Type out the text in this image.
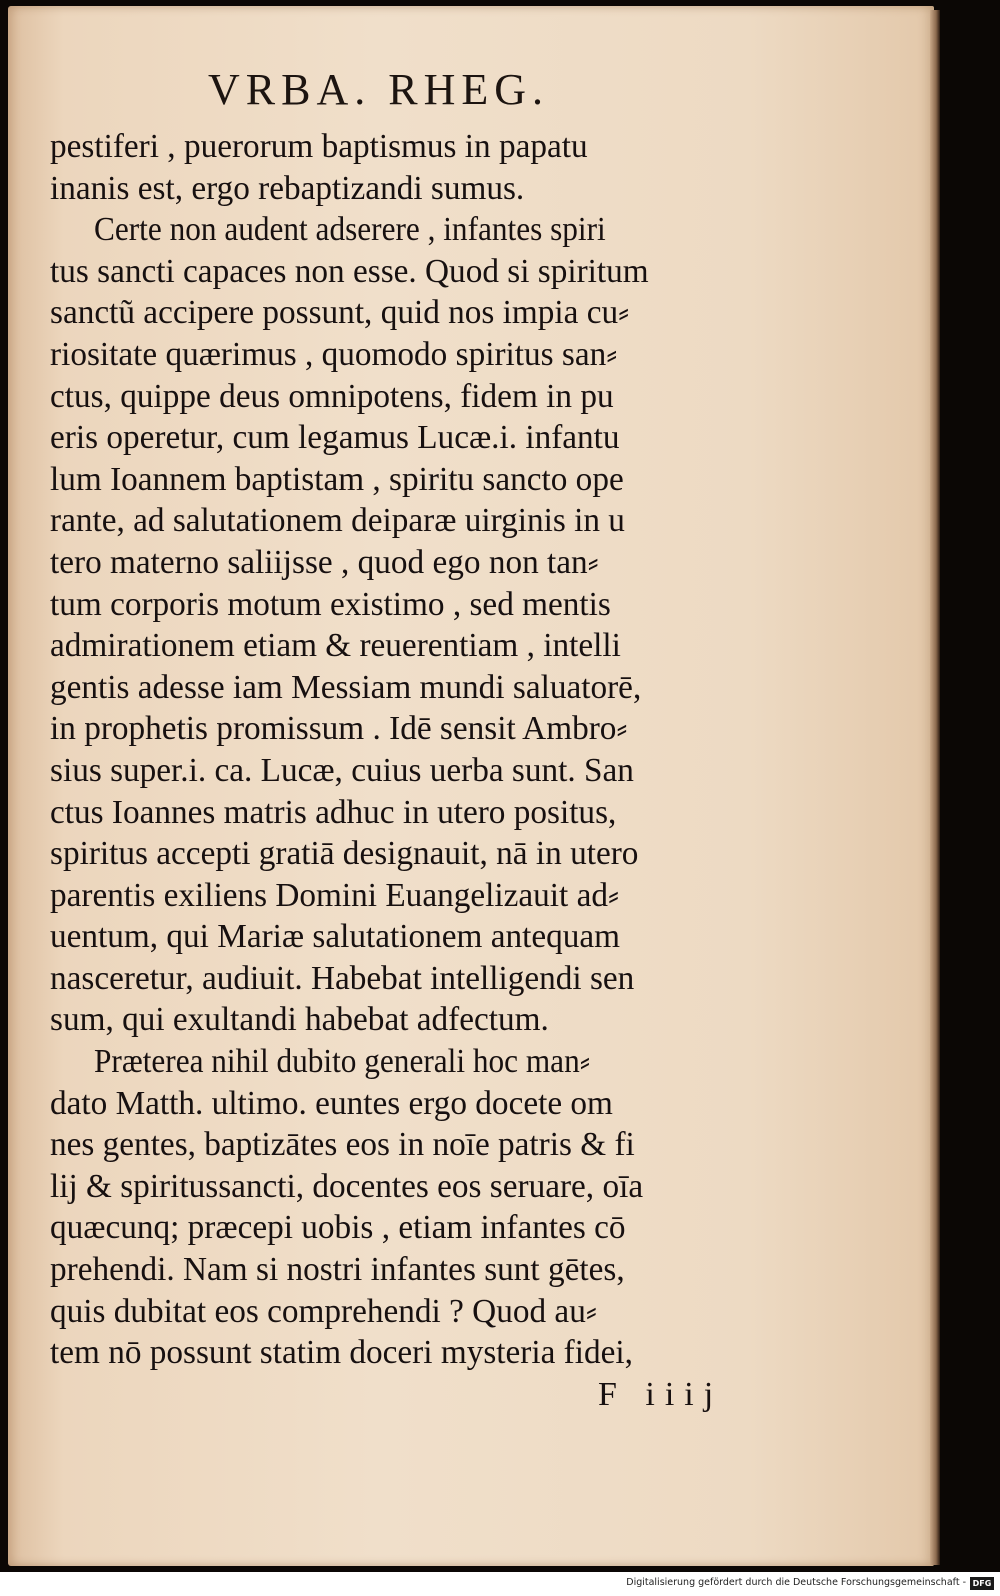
VRBA. RHEG.
pestiferi , puerorum baptismus in papatu
inanis est, ergo rebaptizandi sumus.
Certe non audent adserere , infantes spiri
tus sancti capaces non esse. Quod si spiritum
sanctũ accipere possunt, quid nos impia cu⸗
riositate quærimus , quomodo spiritus san⸗
ctus, quippe deus omnipotens, fidem in pu
eris operetur, cum legamus Lucæ.i. infantu
lum Ioannem baptistam , spiritu sancto ope
rante, ad salutationem deiparæ uirginis in u
tero materno saliijsse , quod ego non tan⸗
tum corporis motum existimo , sed mentis
admirationem etiam & reuerentiam , intelli
gentis adesse iam Messiam mundi saluatorē,
in prophetis promissum . Idē sensit Ambro⸗
sius super.i. ca. Lucæ, cuius uerba sunt. San
ctus Ioannes matris adhuc in utero positus,
spiritus accepti gratiā designauit, nā in utero
parentis exiliens Domini Euangelizauit ad⸗
uentum, qui Mariæ salutationem antequam
nasceretur, audiuit. Habebat intelligendi sen
sum, qui exultandi habebat adfectum.
Præterea nihil dubito generali hoc man⸗
dato Matth. ultimo. euntes ergo docete om
nes gentes, baptizātes eos in noīe patris & fi
lij & spiritussancti, docentes eos seruare, oīa
quæcunq; præcepi uobis , etiam infantes cō
prehendi. Nam si nostri infantes sunt gētes,
quis dubitat eos comprehendi ? Quod au⸗
tem nō possunt statim doceri mysteria fidei,
F iiij
Digitalisierung gefördert durch die Deutsche Forschungsgemeinschaft - DFG
